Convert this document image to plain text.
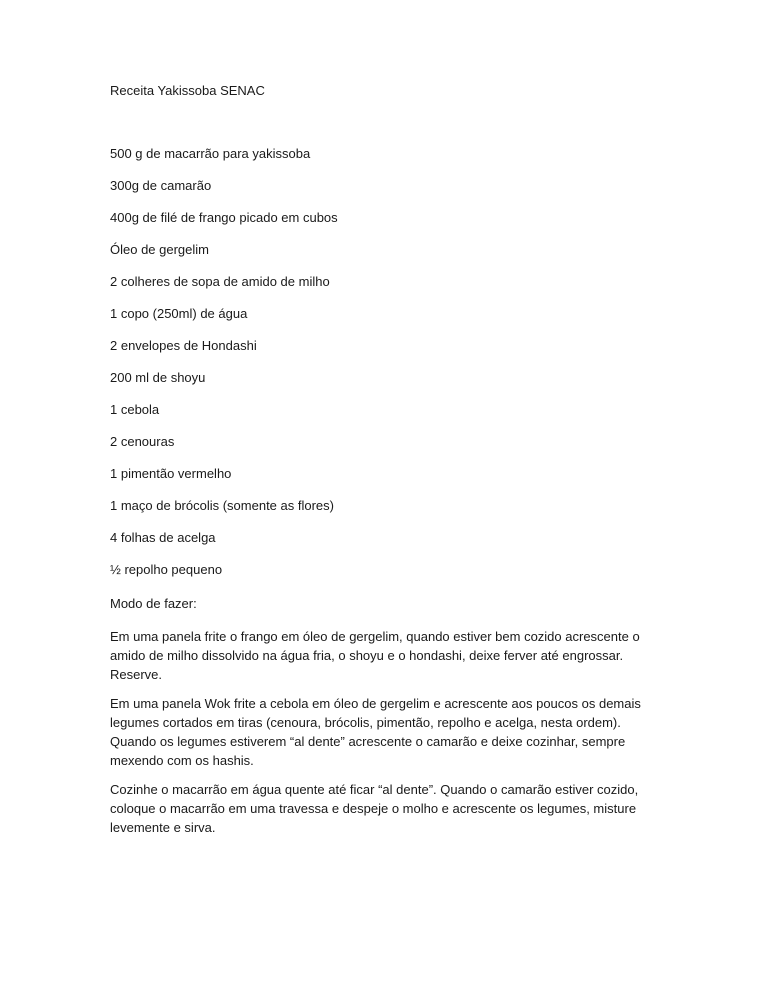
Receita Yakissoba SENAC

500 g de macarrão para yakissoba
300g de camarão
400g de filé de frango picado em cubos
Óleo de gergelim
2 colheres de sopa de amido de milho
1 copo (250ml) de água
2 envelopes de Hondashi
200 ml de shoyu
1 cebola
2 cenouras
1 pimentão vermelho
1 maço de brócolis (somente as flores)
4 folhas de acelga
½ repolho pequeno

Modo de fazer:

Em uma panela frite o frango em óleo de gergelim, quando estiver bem cozido acrescente o amido de milho dissolvido na água fria, o shoyu e o hondashi, deixe ferver até engrossar. Reserve.

Em uma panela Wok frite a cebola em óleo de gergelim e acrescente aos poucos os demais legumes cortados em tiras (cenoura, brócolis, pimentão, repolho e acelga, nesta ordem). Quando os legumes estiverem “al dente” acrescente o camarão e deixe cozinhar, sempre mexendo com os hashis.

Cozinhe o macarrão em água quente até ficar “al dente”. Quando o camarão estiver cozido, coloque o macarrão em uma travessa e despeje o molho e acrescente os legumes, misture levemente e sirva.
